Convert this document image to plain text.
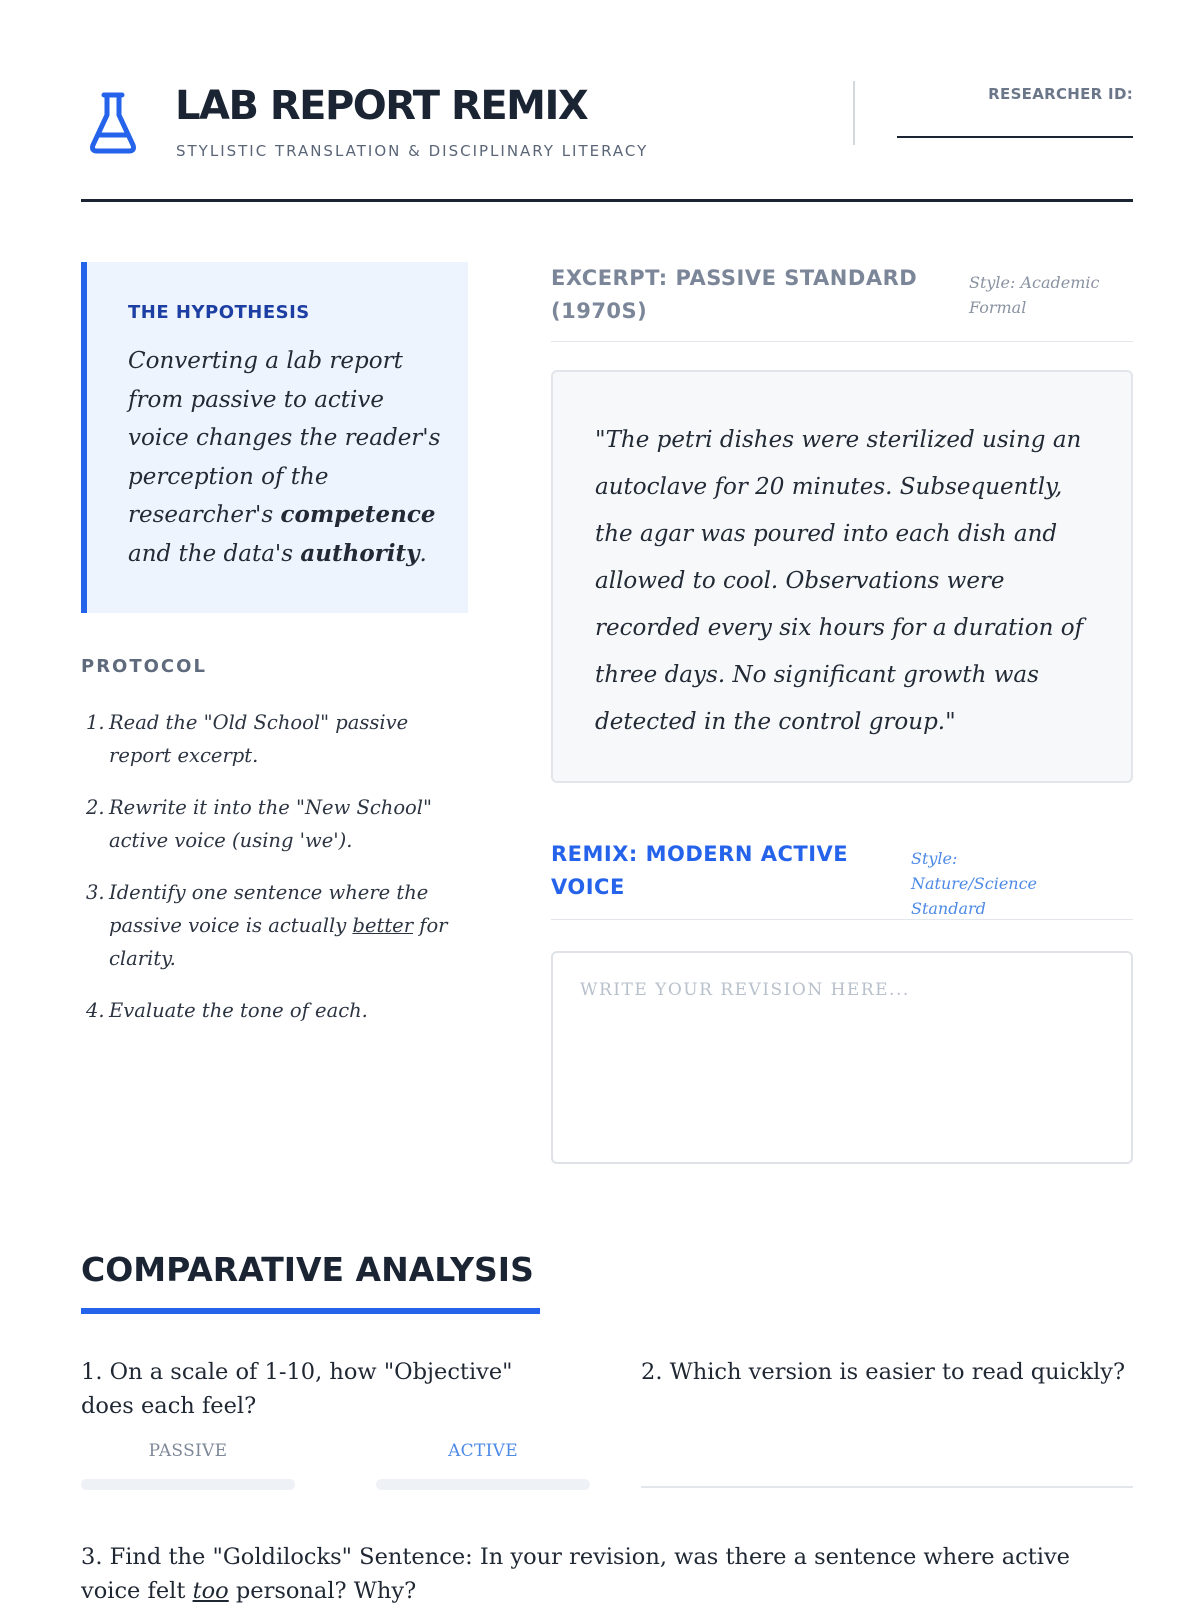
LAB REPORT REMIX
STYLISTIC TRANSLATION & DISCIPLINARY LITERACY
RESEARCHER ID:
THE HYPOTHESIS
Converting a lab report from passive to active voice changes the reader's perception of the researcher's competence and the data's authority.
PROTOCOL
1. Read the "Old School" passive report excerpt.
2. Rewrite it into the "New School" active voice (using 'we').
3. Identify one sentence where the passive voice is actually better for clarity.
4. Evaluate the tone of each.
EXCERPT: PASSIVE STANDARD (1970S)
Style: Academic Formal
"The petri dishes were sterilized using an autoclave for 20 minutes. Subsequently, the agar was poured into each dish and allowed to cool. Observations were recorded every six hours for a duration of three days. No significant growth was detected in the control group."
REMIX: MODERN ACTIVE VOICE
Style: Nature/Science Standard
Write your revision here...
COMPARATIVE ANALYSIS
1. On a scale of 1-10, how "Objective" does each feel?
PASSIVE	ACTIVE
2. Which version is easier to read quickly?
3. Find the "Goldilocks" Sentence: In your revision, was there a sentence where active voice felt too personal? Why?
